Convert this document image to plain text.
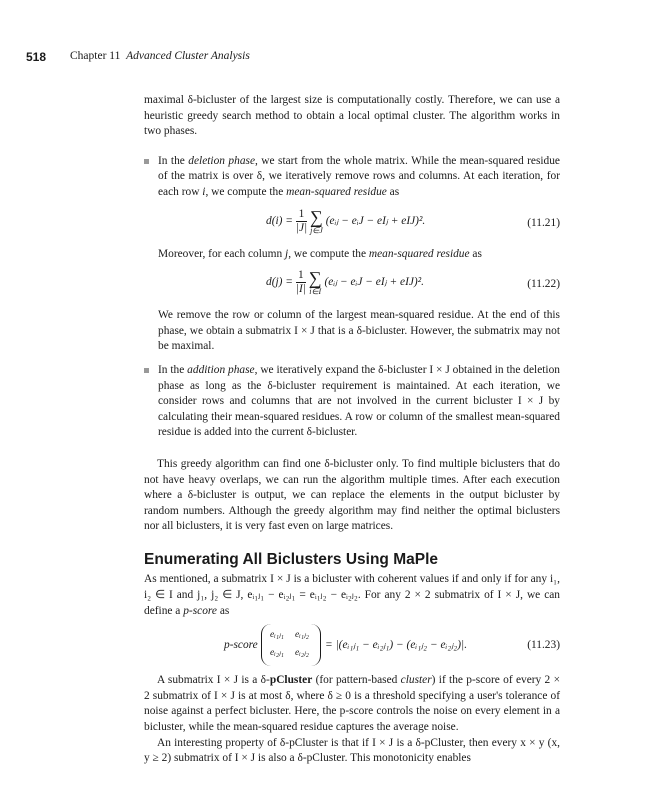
518 Chapter 11 Advanced Cluster Analysis

maximal δ-bicluster of the largest size is computationally costly. Therefore, we can use a heuristic greedy search method to obtain a local optimal cluster. The algorithm works in two phases.

In the deletion phase, we start from the whole matrix. While the mean-squared residue of the matrix is over δ, we iteratively remove rows and columns. At each iteration, for each row i, we compute the mean-squared residue as

$d(i) = \frac{1}{|J|}$
∑
j∈J
(eᵢⱼ − eᵢJ − eIⱼ + eIJ)².	(11.21)

Moreover, for each column j, we compute the mean-squared residue as

$d(j) = \frac{1}{|I|}$
∑
i∈I
(eᵢⱼ − eᵢJ − eIⱼ + eIJ)².	(11.22)

We remove the row or column of the largest mean-squared residue. At the end of this phase, we obtain a submatrix I × J that is a δ-bicluster. However, the submatrix may not be maximal.

In the addition phase, we iteratively expand the δ-bicluster I × J obtained in the deletion phase as long as the δ-bicluster requirement is maintained. At each iteration, we consider rows and columns that are not involved in the current bicluster I × J by calculating their mean-squared residues. A row or column of the smallest mean-squared residue is added into the current δ-bicluster.

This greedy algorithm can find one δ-bicluster only. To find multiple biclusters that do not have heavy overlaps, we can run the algorithm multiple times. After each execution where a δ-bicluster is output, we can replace the elements in the output bicluster by random numbers. Although the greedy algorithm may find neither the optimal biclusters nor all biclusters, it is very fast even on large matrices.

Enumerating All Biclusters Using MaPle

As mentioned, a submatrix I × J is a bicluster with coherent values if and only if for any i₁, i₂ ∈ I and j₁, j₂ ∈ J, eᵢ₁ⱼ₁ − eᵢ₂ⱼ₁ = eᵢ₁ⱼ₂ − eᵢ₂ⱼ₂. For any 2 × 2 submatrix of I × J, we can define a p-score as

p-score
eᵢ₁ⱼ₁ eᵢ₁ⱼ₂
eᵢ₂ⱼ₁ eᵢ₂ⱼ₂
= |(eᵢ₁ⱼ₁ − eᵢ₂ⱼ₁) − (eᵢ₁ⱼ₂ − eᵢ₂ⱼ₂)|.	(11.23)

A submatrix I × J is a δ-pCluster (for pattern-based cluster) if the p-score of every 2 × 2 submatrix of I × J is at most δ, where δ ≥ 0 is a threshold specifying a user's tolerance of noise against a perfect bicluster. Here, the p-score controls the noise on every element in a bicluster, while the mean-squared residue captures the average noise.

An interesting property of δ-pCluster is that if I × J is a δ-pCluster, then every x × y (x, y ≥ 2) submatrix of I × J is also a δ-pCluster. This monotonicity enables
